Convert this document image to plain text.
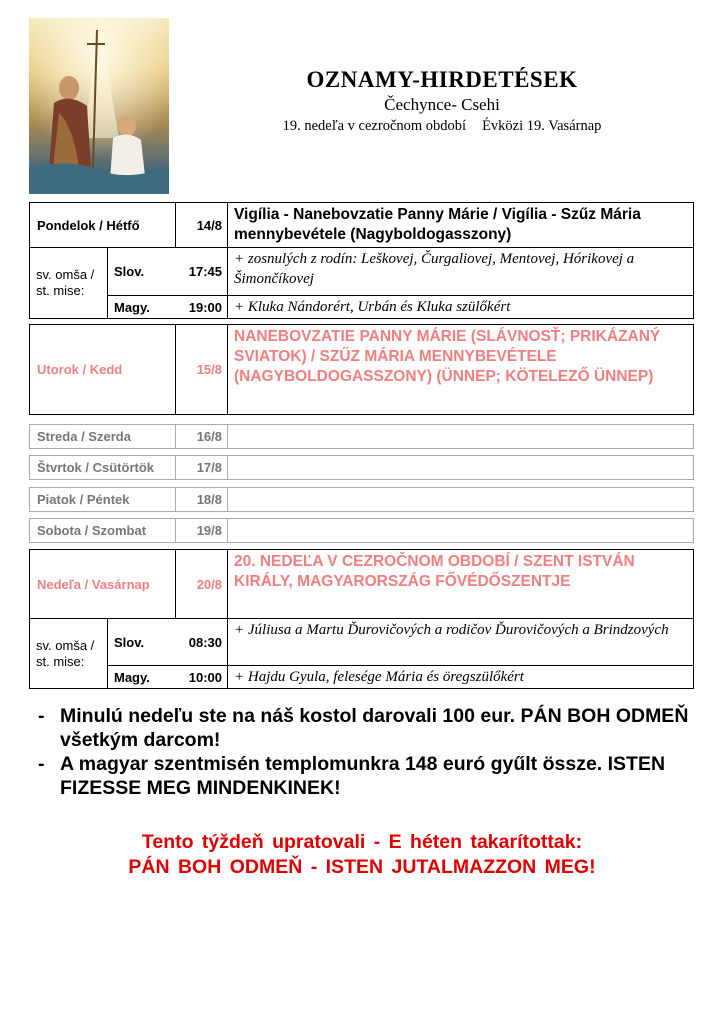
OZNAMY-HIRDETÉSEK
Čechynce- Csehi
19. nedeľa v cezročnom období Évközi 19. Vasárnap
Pondelok / Hétfő	14/8
Vigília - Nanebovzatie Panny Márie / Vigília - Szűz Mária mennybevétele (Nagyboldogasszony)
sv. omša / st. mise:
Slov.	17:45
+ zosnulých z rodín: Leškovej, Čurgaliovej, Mentovej, Hórikovej a Šimončíkovej
Magy.	19:00 + Kluka Nándorért, Urbán és Kluka szülőkért
Utorok / Kedd	15/8
NANEBOVZATIE PANNY MÁRIE (SLÁVNOSŤ; PRIKÁZANÝ SVIATOK) / SZŰZ MÁRIA MENNYBEVÉTELE (NAGYBOLDOGASSZONY) (ÜNNEP; KÖTELEZŐ ÜNNEP)
Streda / Szerda	16/8
Štvrtok / Csütörtök	17/8
Piatok / Péntek	18/8
Sobota / Szombat	19/8
Nedeľa / Vasárnap	20/8
20. NEDEĽA V CEZROČNOM OBDOBÍ / SZENT ISTVÁN KIRÁLY, MAGYARORSZÁG FŐVÉDŐSZENTJE
sv. omša / st. mise:
Slov.	08:30
+ Júliusa a Martu Ďurovičových a rodičov Ďurovičových a Brindzových
Magy.	10:00 + Hajdu Gyula, felesége Mária és öregszülőkért
- Minulú nedeľu ste na náš kostol darovali 100 eur. PÁN BOH ODMEŇ všetkým darcom!
- A magyar szentmisén templomunkra 148 euró gyűlt össze. ISTEN FIZESSE MEG MINDENKINEK!
Tento týždeň upratovali - E héten takarítottak:
PÁN BOH ODMEŇ - ISTEN JUTALMAZZON MEG!
